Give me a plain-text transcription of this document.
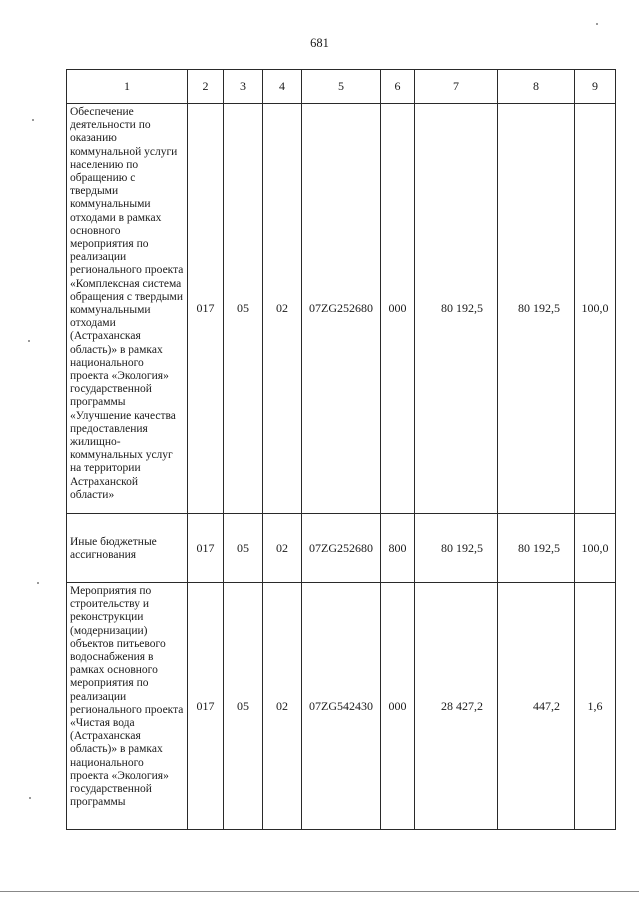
681
1	2	3	4	5	6	7	8	9
Обеспечение деятельности по оказанию коммунальной услуги населению по обращению с твердыми коммунальными отходами в рамках основного мероприятия по реализации регионального проекта «Комплексная система обращения с твердыми коммунальными отходами (Астраханская область)» в рамках национального проекта «Экология» государственной программы «Улучшение качества предоставления жилищно-коммунальных услуг на территории Астраханской области»	017	05	02	07ZG252680	000	80 192,5	80 192,5	100,0
Иные бюджетные ассигнования	017	05	02	07ZG252680	800	80 192,5	80 192,5	100,0
Мероприятия по строительству и реконструкции (модернизации) объектов питьевого водоснабжения в рамках основного мероприятия по реализации регионального проекта «Чистая вода (Астраханская область)» в рамках национального проекта «Экология» государственной программы	017	05	02	07ZG542430	000	28 427,2	447,2	1,6
